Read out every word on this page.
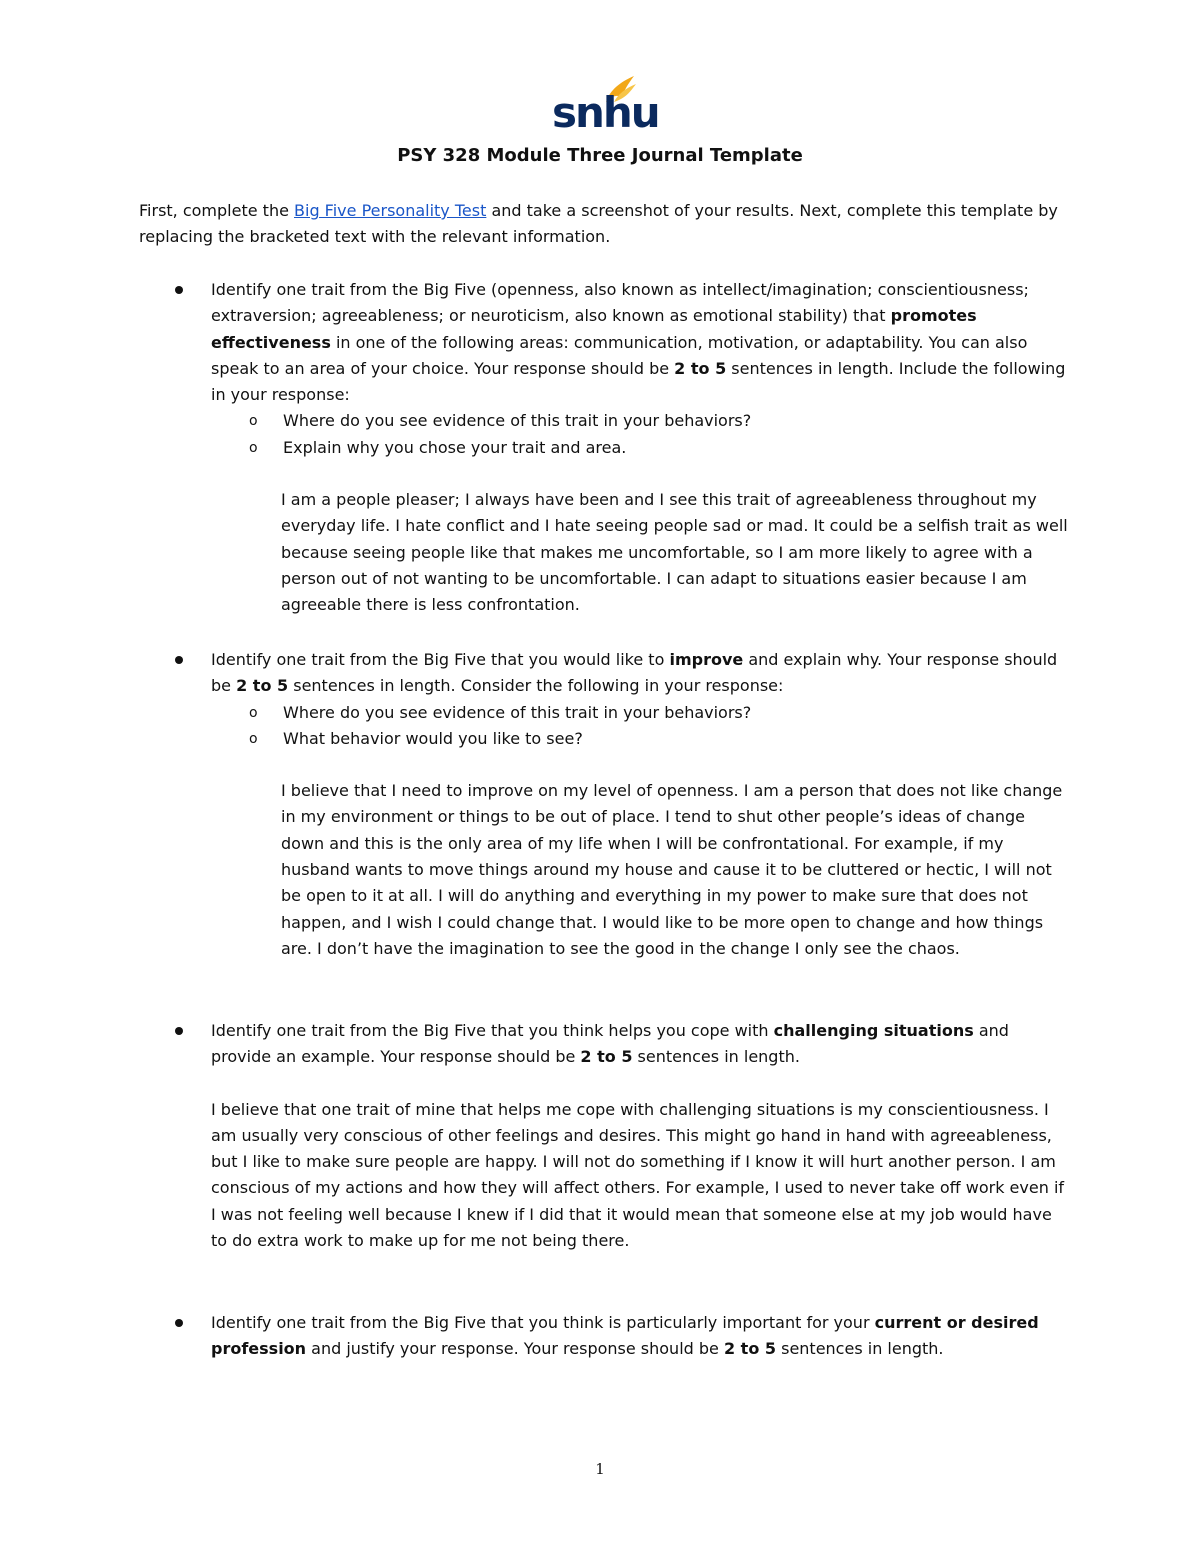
snhu
PSY 328 Module Three Journal Template
First, complete the Big Five Personality Test and take a screenshot of your results. Next, complete this template by replacing the bracketed text with the relevant information.
Identify one trait from the Big Five (openness, also known as intellect/imagination; conscientiousness; extraversion; agreeableness; or neuroticism, also known as emotional stability) that promotes effectiveness in one of the following areas: communication, motivation, or adaptability. You can also speak to an area of your choice. Your response should be 2 to 5 sentences in length. Include the following in your response:
o Where do you see evidence of this trait in your behaviors?
o Explain why you chose your trait and area.
I am a people pleaser; I always have been and I see this trait of agreeableness throughout my everyday life. I hate conflict and I hate seeing people sad or mad. It could be a selfish trait as well because seeing people like that makes me uncomfortable, so I am more likely to agree with a person out of not wanting to be uncomfortable. I can adapt to situations easier because I am agreeable there is less confrontation.
Identify one trait from the Big Five that you would like to improve and explain why. Your response should be 2 to 5 sentences in length. Consider the following in your response:
o Where do you see evidence of this trait in your behaviors?
o What behavior would you like to see?
I believe that I need to improve on my level of openness. I am a person that does not like change in my environment or things to be out of place. I tend to shut other people’s ideas of change down and this is the only area of my life when I will be confrontational. For example, if my husband wants to move things around my house and cause it to be cluttered or hectic, I will not be open to it at all. I will do anything and everything in my power to make sure that does not happen, and I wish I could change that. I would like to be more open to change and how things are. I don’t have the imagination to see the good in the change I only see the chaos.
Identify one trait from the Big Five that you think helps you cope with challenging situations and provide an example. Your response should be 2 to 5 sentences in length.
I believe that one trait of mine that helps me cope with challenging situations is my conscientiousness. I am usually very conscious of other feelings and desires. This might go hand in hand with agreeableness, but I like to make sure people are happy. I will not do something if I know it will hurt another person. I am conscious of my actions and how they will affect others. For example, I used to never take off work even if I was not feeling well because I knew if I did that it would mean that someone else at my job would have to do extra work to make up for me not being there.
Identify one trait from the Big Five that you think is particularly important for your current or desired profession and justify your response. Your response should be 2 to 5 sentences in length.
1
